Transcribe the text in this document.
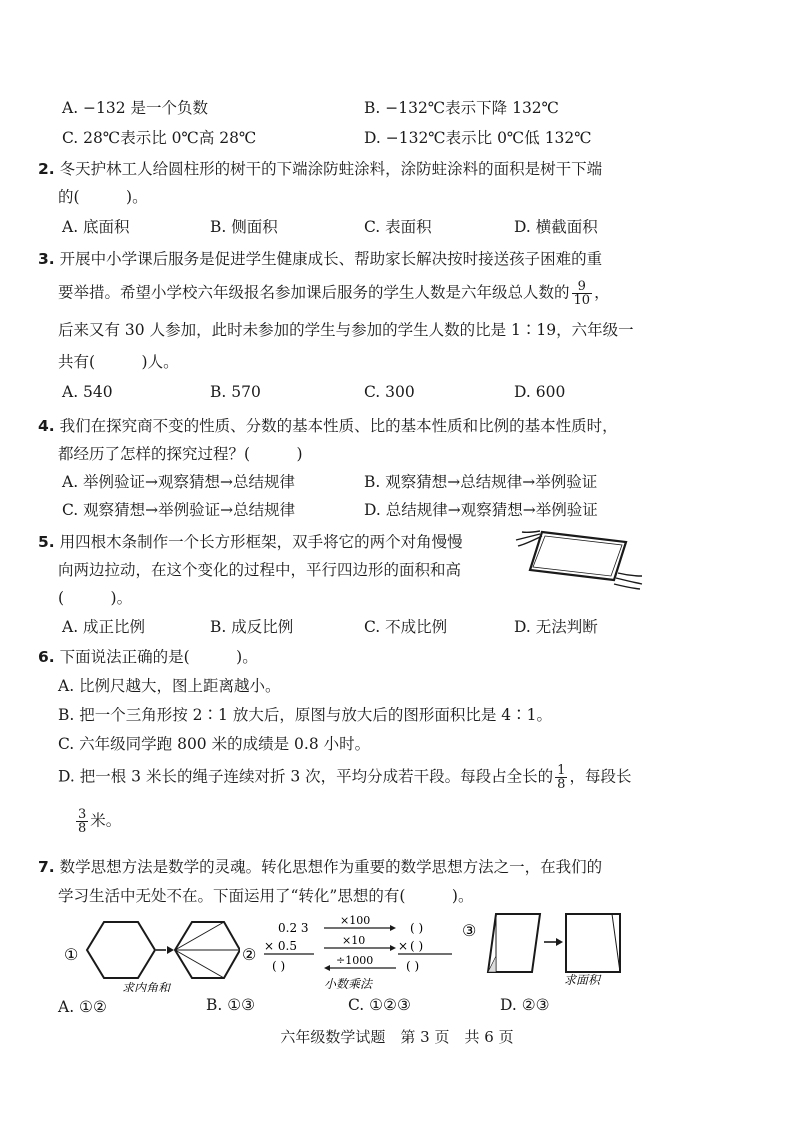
A. −132 是一个负数	B. −132℃表示下降 132℃
C. 28℃表示比 0℃高 28℃	D. −132℃表示比 0℃低 132℃
2. 冬天护林工人给圆柱形的树干的下端涂防蛀涂料，涂防蛀涂料的面积是树干下端
的(　　　)。
A. 底面积	B. 侧面积	C. 表面积	D. 横截面积
3. 开展中小学课后服务是促进学生健康成长、帮助家长解决按时接送孩子困难的重
要举措。希望小学校六年级报名参加课后服务的学生人数是六年级总人数的 $\frac{9}{10}$ ，
后来又有 30 人参加，此时未参加的学生与参加的学生人数的比是 1∶19，六年级一
共有(　　　)人。
A. 540	B. 570	C. 300	D. 600
4. 我们在探究商不变的性质、分数的基本性质、比的基本性质和比例的基本性质时，
都经历了怎样的探究过程？(　　　)
A. 举例验证→观察猜想→总结规律	B. 观察猜想→总结规律→举例验证
C. 观察猜想→举例验证→总结规律	D. 总结规律→观察猜想→举例验证
5. 用四根木条制作一个长方形框架，双手将它的两个对角慢慢
向两边拉动，在这个变化的过程中，平行四边形的面积和高
(　　　)。
A. 成正比例	B. 成反比例	C. 不成比例	D. 无法判断
6. 下面说法正确的是(　　　)。
A. 比例尺越大，图上距离越小。
B. 把一个三角形按 2∶1 放大后，原图与放大后的图形面积比是 4∶1。
C. 六年级同学跑 800 米的成绩是 0.8 小时。
D. 把一根 3 米长的绳子连续对折 3 次，平均分成若干段。每段占全长的 $\frac{1}{8}$ ，每段长
$\frac{3}{8}$ 米。
7. 数学思想方法是数学的灵魂。转化思想作为重要的数学思想方法之一，在我们的
学习生活中无处不在。下面运用了“转化”思想的有(　　　)。
①
求内角和
②
0.2 3
× 0.5
( )
×100
×10
÷1000
( )
× ( )
( )
小数乘法
③
求面积
A. ①②	B. ①③	C. ①②③	D. ②③
六年级数学试题　第 3 页　共 6 页
